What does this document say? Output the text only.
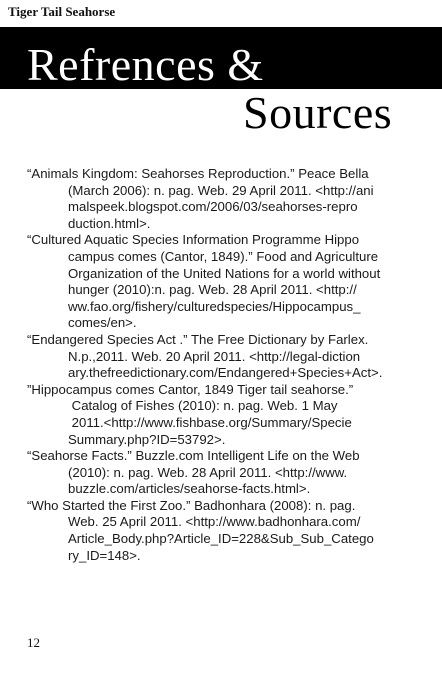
Tiger Tail Seahorse
Refrences &
Sources
“Animals Kingdom: Seahorses Reproduction.” Peace Bella
(March 2006): n. pag. Web. 29 April 2011. <http://ani
malspeek.blogspot.com/2006/03/seahorses-repro
duction.html>.
“Cultured Aquatic Species Information Programme Hippo
campus comes (Cantor, 1849).” Food and Agriculture
Organization of the United Nations for a world without
hunger (2010):n. pag. Web. 28 April 2011. <http://
ww.fao.org/fishery/culturedspecies/Hippocampus_
comes/en>.
“Endangered Species Act .” The Free Dictionary by Farlex.
N.p.,2011. Web. 20 April 2011. <http://legal-diction
ary.thefreedictionary.com/Endangered+Species+Act>.
”Hippocampus comes Cantor, 1849 Tiger tail seahorse.”
Catalog of Fishes (2010): n. pag. Web. 1 May
2011.<http://www.fishbase.org/Summary/Specie
Summary.php?ID=53792>.
“Seahorse Facts.” Buzzle.com Intelligent Life on the Web
(2010): n. pag. Web. 28 April 2011. <http://www.
buzzle.com/articles/seahorse-facts.html>.
“Who Started the First Zoo.” Badhonhara (2008): n. pag.
Web. 25 April 2011. <http://www.badhonhara.com/
Article_Body.php?Article_ID=228&Sub_Sub_Catego
ry_ID=148>.
12
